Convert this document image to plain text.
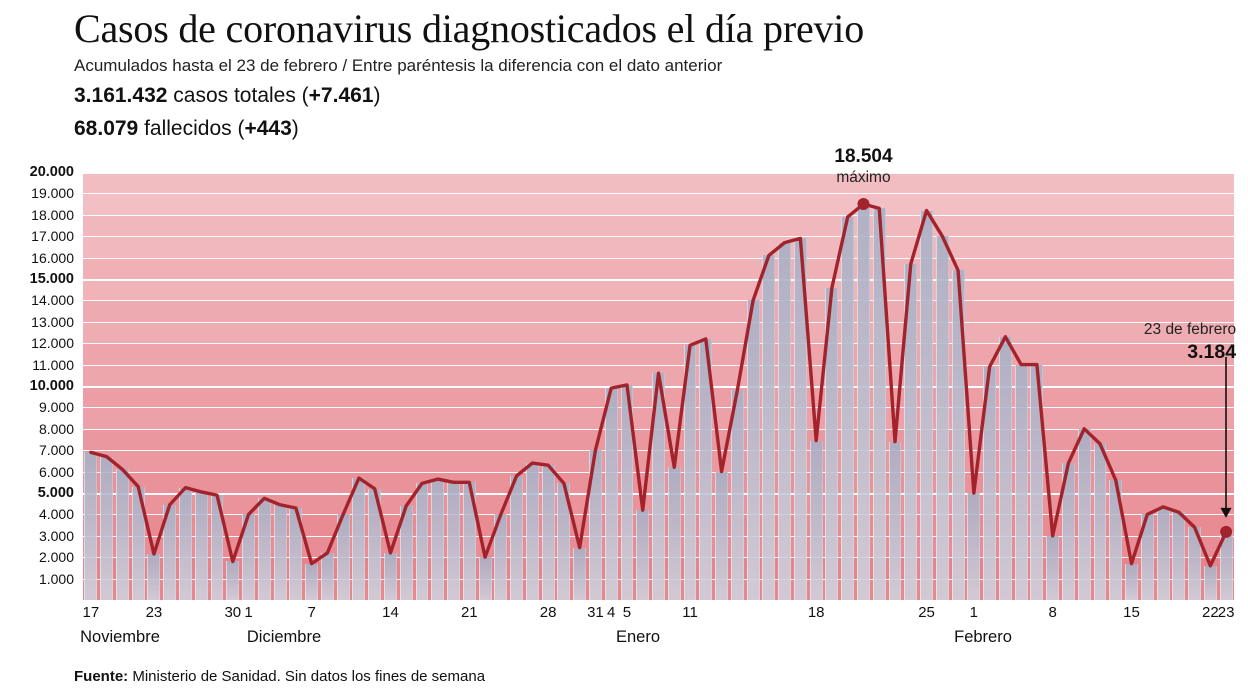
Casos de coronavirus diagnosticados el día previo
Acumulados hasta el 23 de febrero / Entre paréntesis la diferencia con el dato anterior
3.161.432 casos totales (+7.461)
68.079 fallecidos (+443)
1.000
2.000
3.000
4.000
5.000
6.000
7.000
8.000
9.000
10.000
11.000
12.000
13.000
14.000
15.000
16.000
17.000
18.000
19.000
20.000
18.504
máximo
23 de febrero
3.184
17	23	30 1	7	14	21	28 31 4 5	11	18	25 1	8	15	22 23
Noviembre	Diciembre	Enero	Febrero
Fuente: Ministerio de Sanidad. Sin datos los fines de semana
